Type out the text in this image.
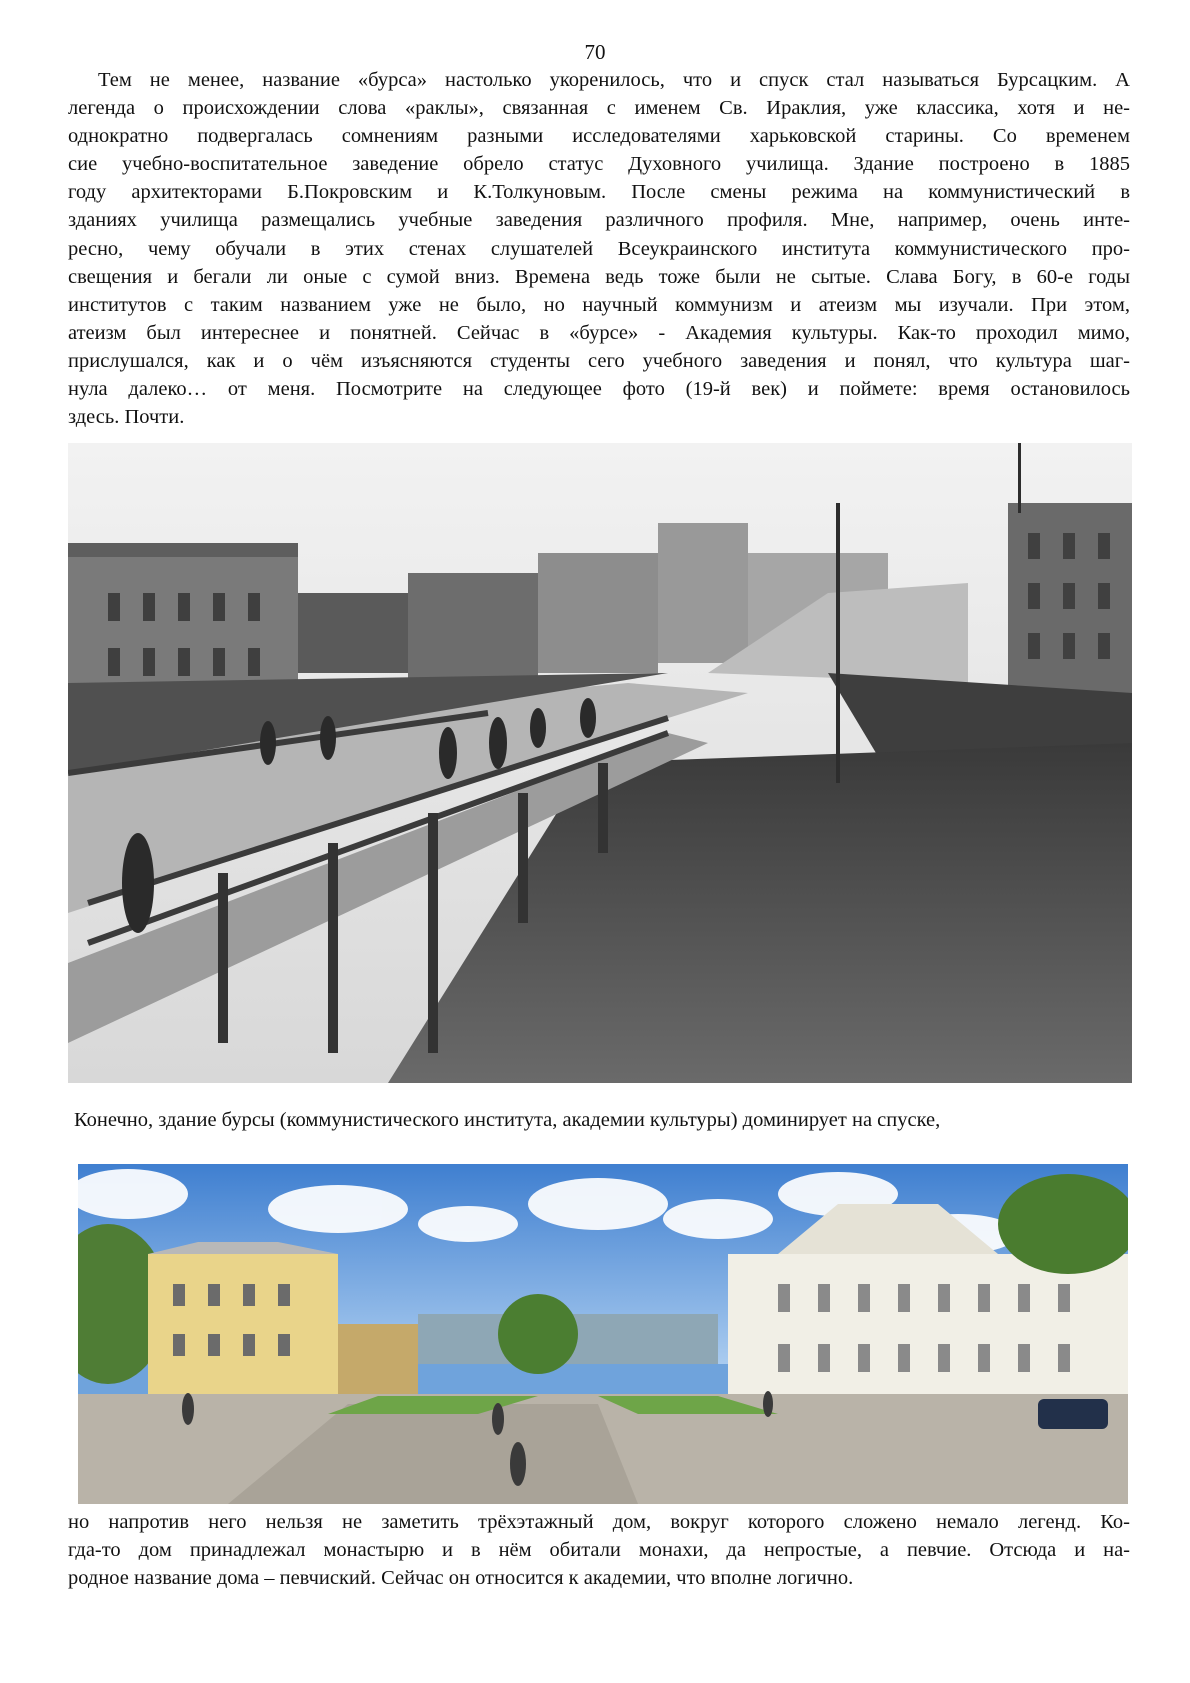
70

Тем не менее, название «бурса» настолько укоренилось, что и спуск стал называться Бурсацким. А
легенда о происхождении слова «раклы», связанная с именем Св. Ираклия, уже классика, хотя и не-
однократно подвергалась сомнениям разными исследователями харьковской старины. Со временем
сие учебно-воспитательное заведение обрело статус Духовного училища. Здание построено в 1885
году архитекторами Б.Покровским и К.Толкуновым. После смены режима на коммунистический в
зданиях училища размещались учебные заведения различного профиля. Мне, например, очень инте-
ресно, чему обучали в этих стенах слушателей Всеукраинского института коммунистического про-
свещения и бегали ли оные с сумой вниз. Времена ведь тоже были не сытые. Слава Богу, в 60-е годы
институтов с таким названием уже не было, но научный коммунизм и атеизм мы изучали. При этом,
атеизм был интереснее и понятней. Сейчас в «бурсе» - Академия культуры. Как-то проходил мимо,
прислушался, как и о чём изъясняются студенты сего учебного заведения и понял, что культура шаг-
нула далеко… от меня. Посмотрите на следующее фото (19-й век) и поймете: время остановилось
здесь. Почти.

Конечно, здание бурсы (коммунистического института, академии культуры) доминирует на спуске,

но напротив него нельзя не заметить трёхэтажный дом, вокруг которого сложено немало легенд. Ко-
гда-то дом принадлежал монастырю и в нём обитали монахи, да непростые, а певчие. Отсюда и на-
родное название дома – певчиский. Сейчас он относится к академии, что вполне логично.
